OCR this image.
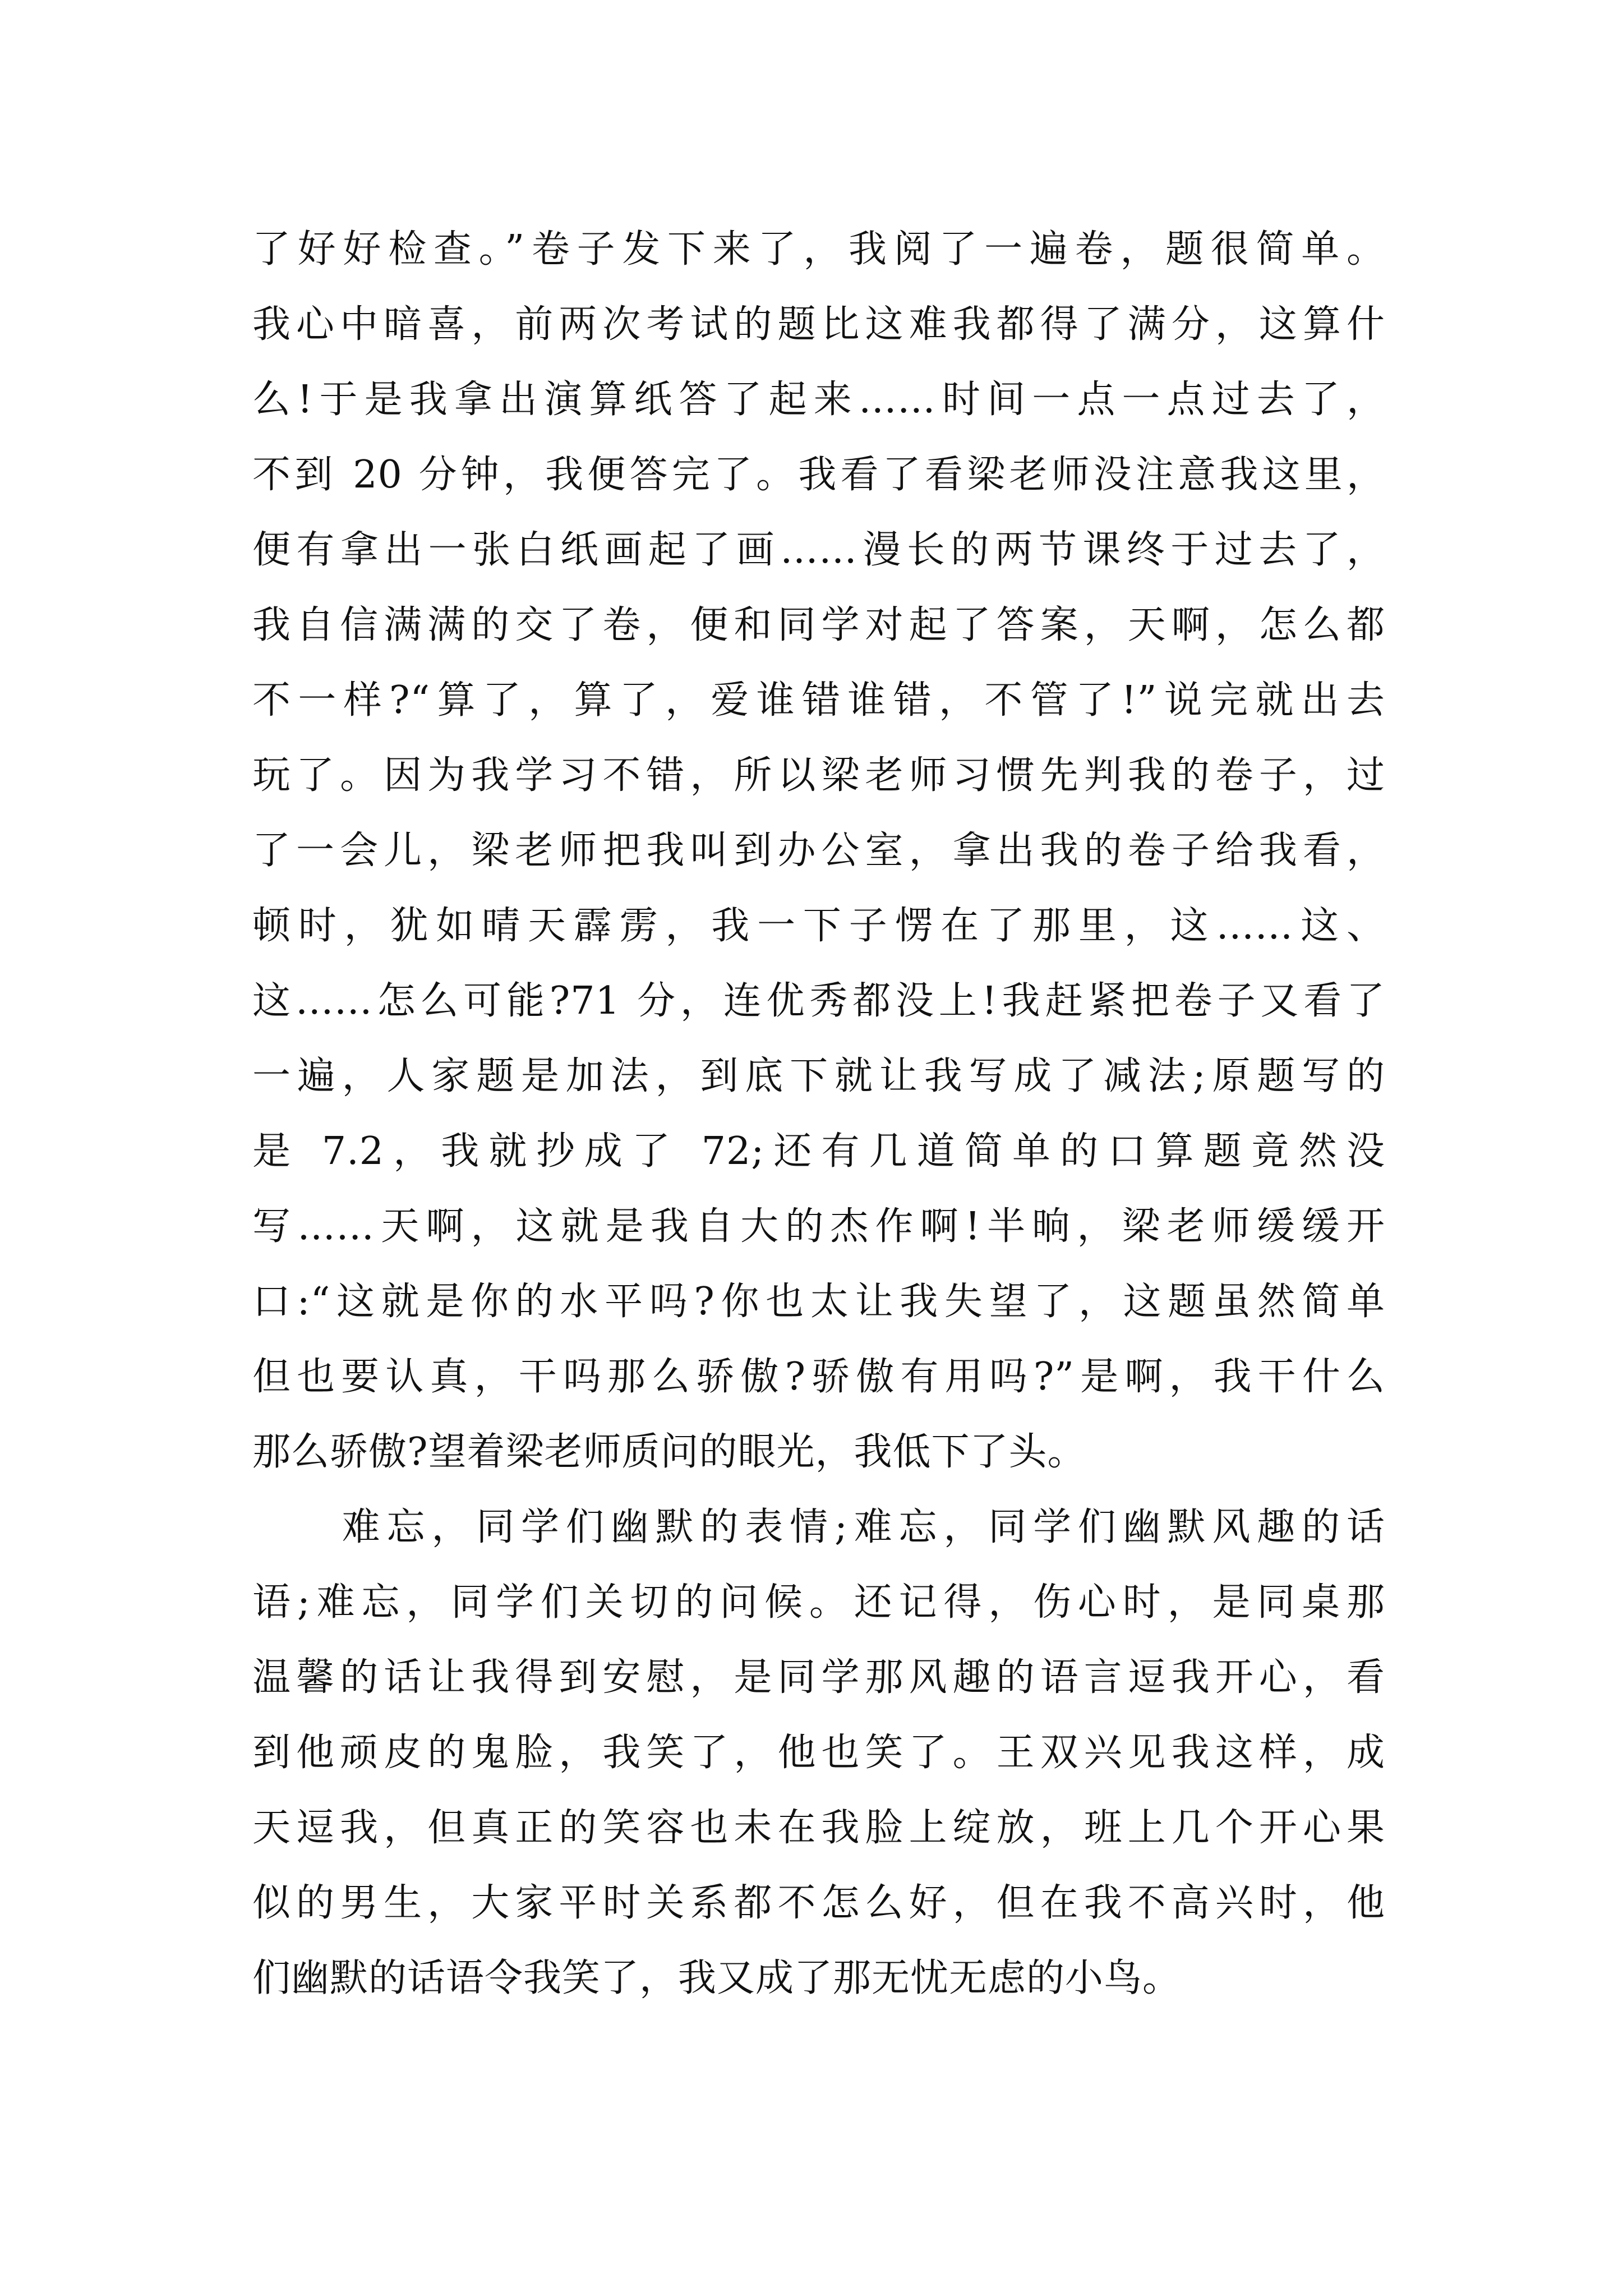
了好好检查。”卷子发下来了，我阅了一遍卷，题很简单。
我心中暗喜，前两次考试的题比这难我都得了满分，这算什
么!于是我拿出演算纸答了起来……时间一点一点过去了，
不到 20 分钟，我便答完了。我看了看梁老师没注意我这里，
便有拿出一张白纸画起了画……漫长的两节课终于过去了，
我自信满满的交了卷，便和同学对起了答案，天啊，怎么都
不一样?“算了，算了，爱谁错谁错，不管了!”说完就出去
玩了。因为我学习不错，所以梁老师习惯先判我的卷子，过
了一会儿，梁老师把我叫到办公室，拿出我的卷子给我看，
顿时，犹如晴天霹雳，我一下子愣在了那里，这……这、
这……怎么可能?71 分，连优秀都没上!我赶紧把卷子又看了
一遍，人家题是加法，到底下就让我写成了减法;原题写的
是 7.2，我就抄成了 72;还有几道简单的口算题竟然没
写……天啊，这就是我自大的杰作啊!半晌，梁老师缓缓开
口:“这就是你的水平吗?你也太让我失望了，这题虽然简单
但也要认真，干吗那么骄傲?骄傲有用吗?”是啊，我干什么
那么骄傲?望着梁老师质问的眼光，我低下了头。
　　难忘，同学们幽默的表情;难忘，同学们幽默风趣的话
语;难忘，同学们关切的问候。还记得，伤心时，是同桌那
温馨的话让我得到安慰，是同学那风趣的语言逗我开心，看
到他顽皮的鬼脸，我笑了，他也笑了。王双兴见我这样，成
天逗我，但真正的笑容也未在我脸上绽放，班上几个开心果
似的男生，大家平时关系都不怎么好，但在我不高兴时，他
们幽默的话语令我笑了，我又成了那无忧无虑的小鸟。
